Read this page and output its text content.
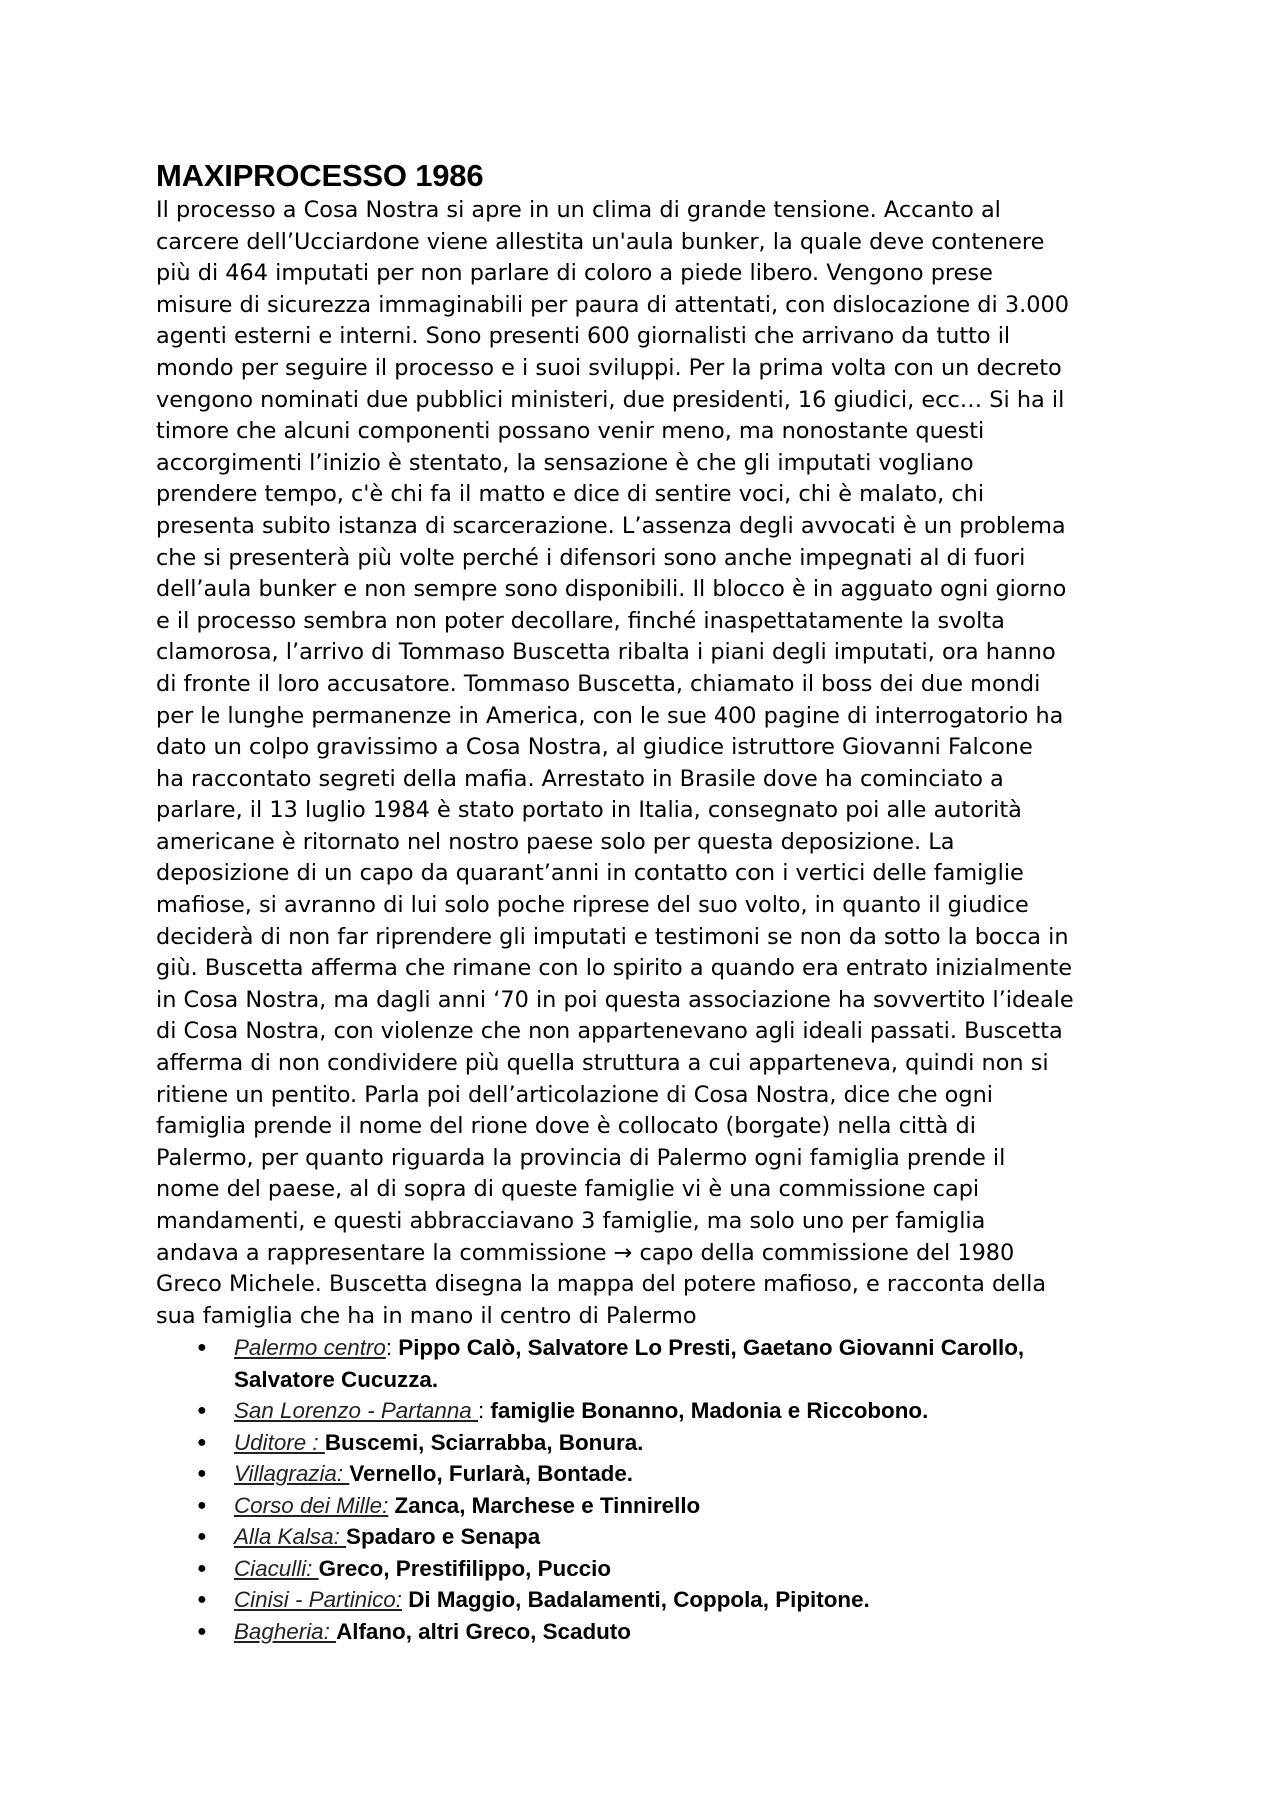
MAXIPROCESSO 1986

Il processo a Cosa Nostra si apre in un clima di grande tensione. Accanto al
carcere dell’Ucciardone viene allestita un'aula bunker, la quale deve contenere
più di 464 imputati per non parlare di coloro a piede libero. Vengono prese
misure di sicurezza immaginabili per paura di attentati, con dislocazione di 3.000
agenti esterni e interni. Sono presenti 600 giornalisti che arrivano da tutto il
mondo per seguire il processo e i suoi sviluppi. Per la prima volta con un decreto
vengono nominati due pubblici ministeri, due presidenti, 16 giudici, ecc… Si ha il
timore che alcuni componenti possano venir meno, ma nonostante questi
accorgimenti l’inizio è stentato, la sensazione è che gli imputati vogliano
prendere tempo, c'è chi fa il matto e dice di sentire voci, chi è malato, chi
presenta subito istanza di scarcerazione. L’assenza degli avvocati è un problema
che si presenterà più volte perché i difensori sono anche impegnati al di fuori
dell’aula bunker e non sempre sono disponibili. Il blocco è in agguato ogni giorno
e il processo sembra non poter decollare, finché inaspettatamente la svolta
clamorosa, l’arrivo di Tommaso Buscetta ribalta i piani degli imputati, ora hanno
di fronte il loro accusatore. Tommaso Buscetta, chiamato il boss dei due mondi
per le lunghe permanenze in America, con le sue 400 pagine di interrogatorio ha
dato un colpo gravissimo a Cosa Nostra, al giudice istruttore Giovanni Falcone
ha raccontato segreti della mafia. Arrestato in Brasile dove ha cominciato a
parlare, il 13 luglio 1984 è stato portato in Italia, consegnato poi alle autorità
americane è ritornato nel nostro paese solo per questa deposizione. La
deposizione di un capo da quarant’anni in contatto con i vertici delle famiglie
mafiose, si avranno di lui solo poche riprese del suo volto, in quanto il giudice
deciderà di non far riprendere gli imputati e testimoni se non da sotto la bocca in
giù. Buscetta afferma che rimane con lo spirito a quando era entrato inizialmente
in Cosa Nostra, ma dagli anni ‘70 in poi questa associazione ha sovvertito l’ideale
di Cosa Nostra, con violenze che non appartenevano agli ideali passati. Buscetta
afferma di non condividere più quella struttura a cui apparteneva, quindi non si
ritiene un pentito. Parla poi dell’articolazione di Cosa Nostra, dice che ogni
famiglia prende il nome del rione dove è collocato (borgate) nella città di
Palermo, per quanto riguarda la provincia di Palermo ogni famiglia prende il
nome del paese, al di sopra di queste famiglie vi è una commissione capi
mandamenti, e questi abbracciavano 3 famiglie, ma solo uno per famiglia
andava a rappresentare la commissione → capo della commissione del 1980
Greco Michele. Buscetta disegna la mappa del potere mafioso, e racconta della
sua famiglia che ha in mano il centro di Palermo

● Palermo centro: Pippo Calò, Salvatore Lo Presti, Gaetano Giovanni Carollo,
Salvatore Cucuzza.
● San Lorenzo - Partanna : famiglie Bonanno, Madonia e Riccobono.
● Uditore : Buscemi, Sciarrabba, Bonura.
● Villagrazia: Vernello, Furlarà, Bontade.
● Corso dei Mille: Zanca, Marchese e Tinnirello
● Alla Kalsa: Spadaro e Senapa
● Ciaculli: Greco, Prestifilippo, Puccio
● Cinisi - Partinico: Di Maggio, Badalamenti, Coppola, Pipitone.
● Bagheria: Alfano, altri Greco, Scaduto
